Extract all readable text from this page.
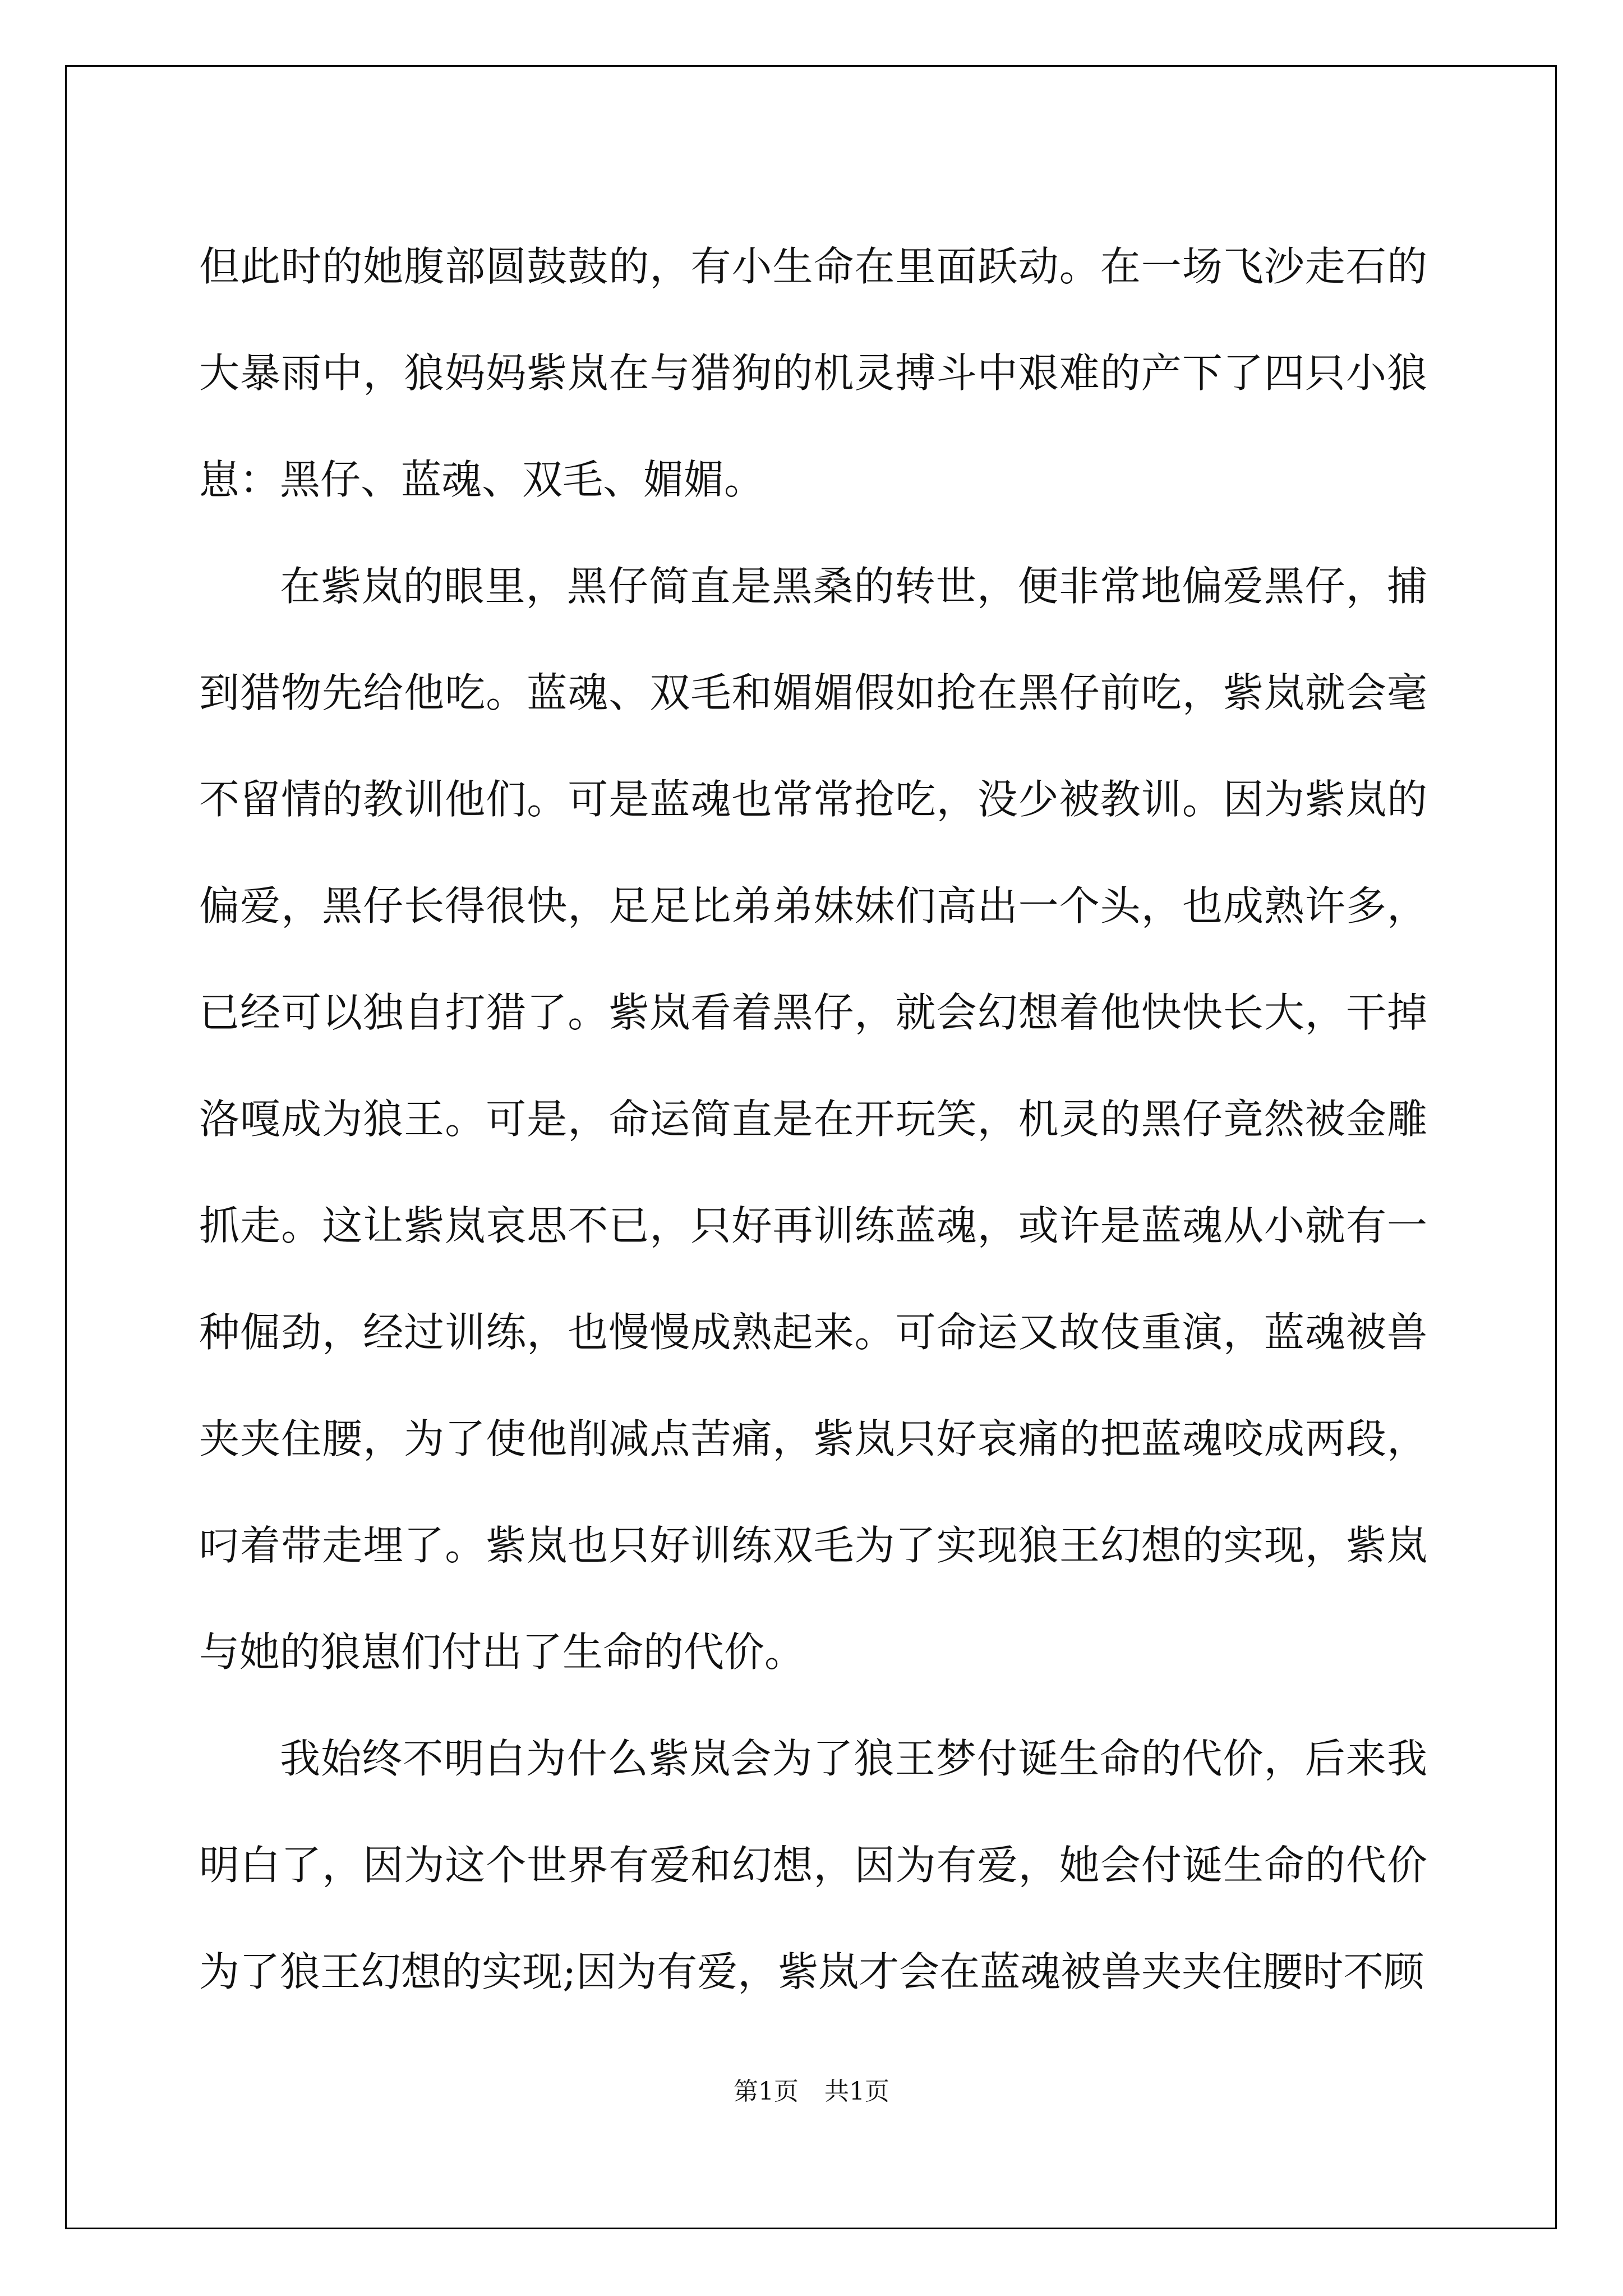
但此时的她腹部圆鼓鼓的，有小生命在里面跃动。在一场飞沙走石的大暴雨中，狼妈妈紫岚在与猎狗的机灵搏斗中艰难的产下了四只小狼崽：黑仔、蓝魂、双毛、媚媚。

在紫岚的眼里，黑仔简直是黑桑的转世，便非常地偏爱黑仔，捕到猎物先给他吃。蓝魂、双毛和媚媚假如抢在黑仔前吃，紫岚就会毫不留情的教训他们。可是蓝魂也常常抢吃，没少被教训。因为紫岚的偏爱，黑仔长得很快，足足比弟弟妹妹们高出一个头，也成熟许多，已经可以独自打猎了。紫岚看着黑仔，就会幻想着他快快长大，干掉洛嘎成为狼王。可是，命运简直是在开玩笑，机灵的黑仔竟然被金雕抓走。这让紫岚哀思不已，只好再训练蓝魂，或许是蓝魂从小就有一种倔劲，经过训练，也慢慢成熟起来。可命运又故伎重演，蓝魂被兽夹夹住腰，为了使他削减点苦痛，紫岚只好哀痛的把蓝魂咬成两段，叼着带走埋了。紫岚也只好训练双毛为了实现狼王幻想的实现，紫岚与她的狼崽们付出了生命的代价。

我始终不明白为什么紫岚会为了狼王梦付诞生命的代价，后来我明白了，因为这个世界有爱和幻想，因为有爱，她会付诞生命的代价为了狼王幻想的实现;因为有爱，紫岚才会在蓝魂被兽夹夹住腰时不顾

第1页 共1页
